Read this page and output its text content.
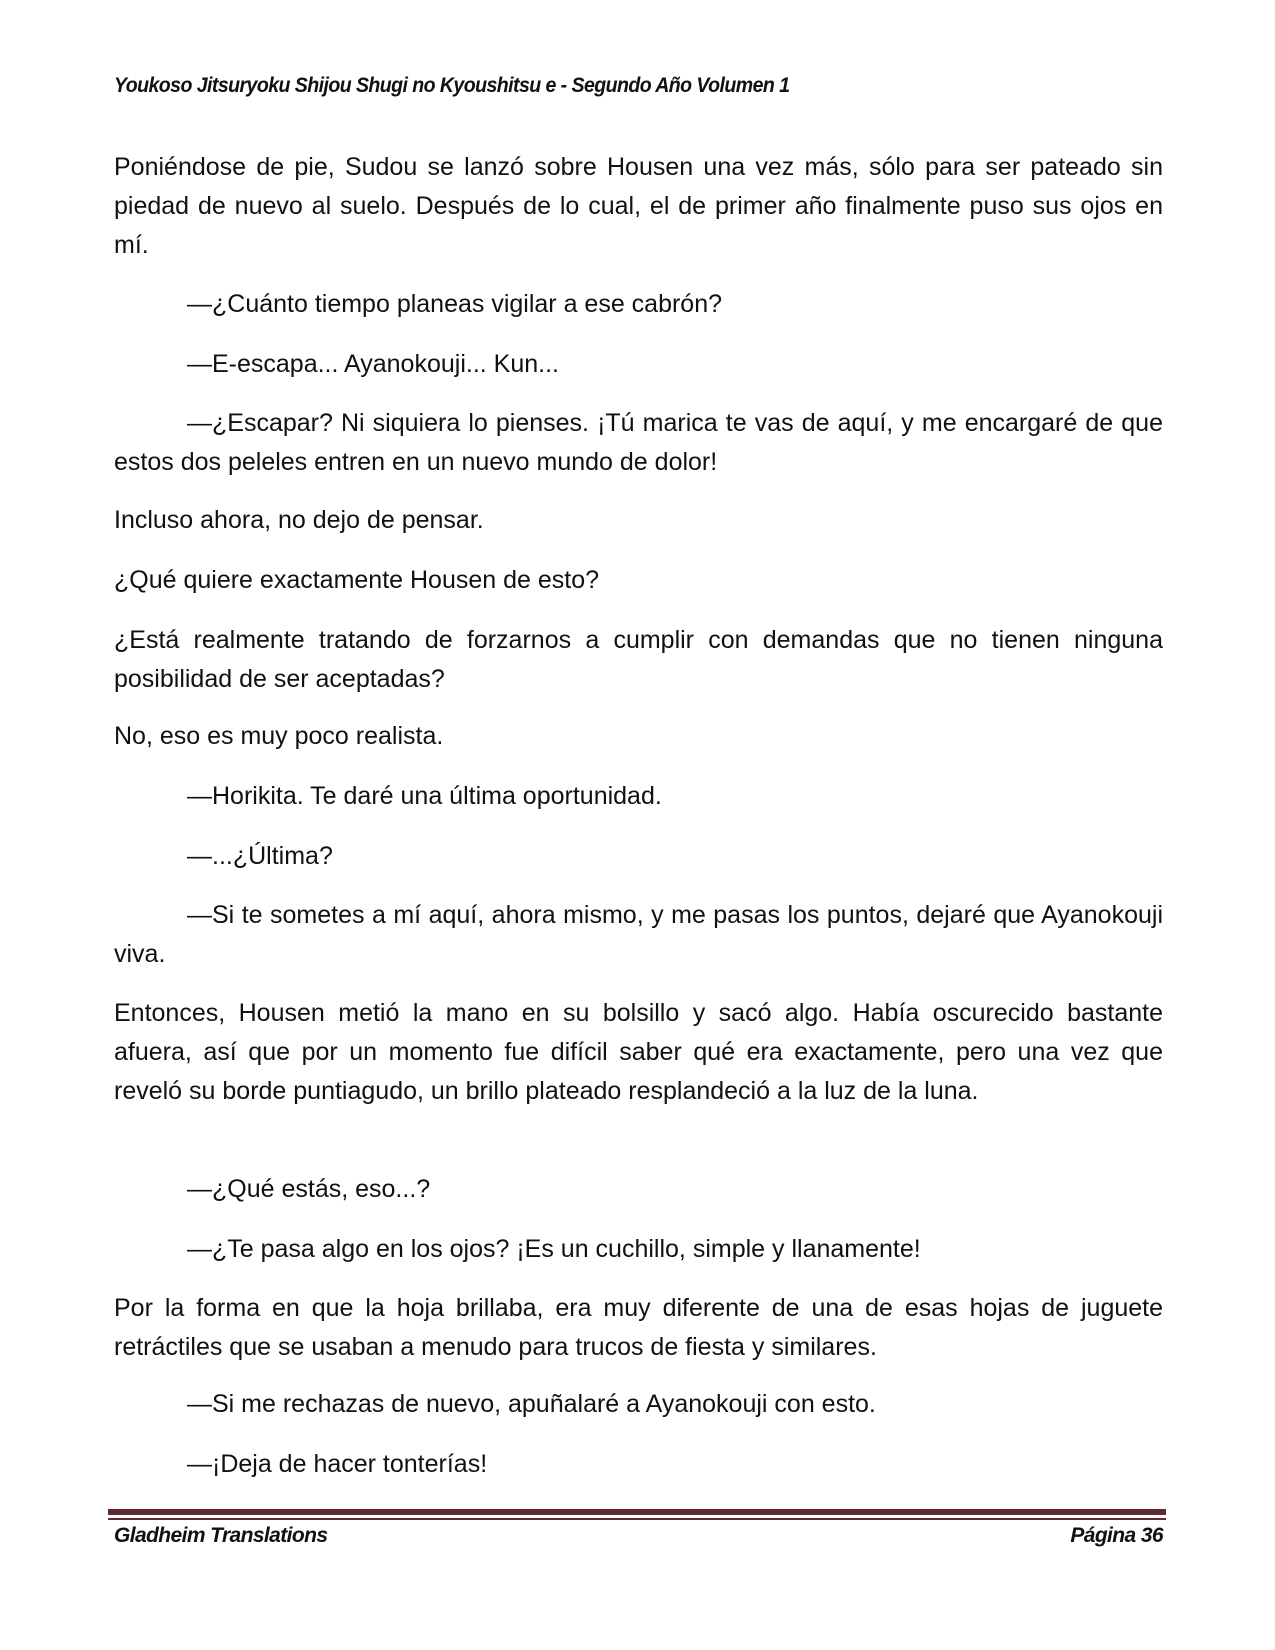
Youkoso Jitsuryoku Shijou Shugi no Kyoushitsu e - Segundo Año Volumen 1
Poniéndose de pie, Sudou se lanzó sobre Housen una vez más, sólo para ser pateado sin piedad de nuevo al suelo. Después de lo cual, el de primer año finalmente puso sus ojos en mí.
—¿Cuánto tiempo planeas vigilar a ese cabrón?
—E-escapa... Ayanokouji... Kun...
—¿Escapar? Ni siquiera lo pienses. ¡Tú marica te vas de aquí, y me encargaré de que estos dos peleles entren en un nuevo mundo de dolor!
Incluso ahora, no dejo de pensar.
¿Qué quiere exactamente Housen de esto?
¿Está realmente tratando de forzarnos a cumplir con demandas que no tienen ninguna posibilidad de ser aceptadas?
No, eso es muy poco realista.
—Horikita. Te daré una última oportunidad.
—...¿Última?
—Si te sometes a mí aquí, ahora mismo, y me pasas los puntos, dejaré que Ayanokouji viva.
Entonces, Housen metió la mano en su bolsillo y sacó algo. Había oscurecido bastante afuera, así que por un momento fue difícil saber qué era exactamente, pero una vez que reveló su borde puntiagudo, un brillo plateado resplandeció a la luz de la luna.
—¿Qué estás, eso...?
—¿Te pasa algo en los ojos? ¡Es un cuchillo, simple y llanamente!
Por la forma en que la hoja brillaba, era muy diferente de una de esas hojas de juguete retráctiles que se usaban a menudo para trucos de fiesta y similares.
—Si me rechazas de nuevo, apuñalaré a Ayanokouji con esto.
—¡Deja de hacer tonterías!
Gladheim Translations	Página 36
